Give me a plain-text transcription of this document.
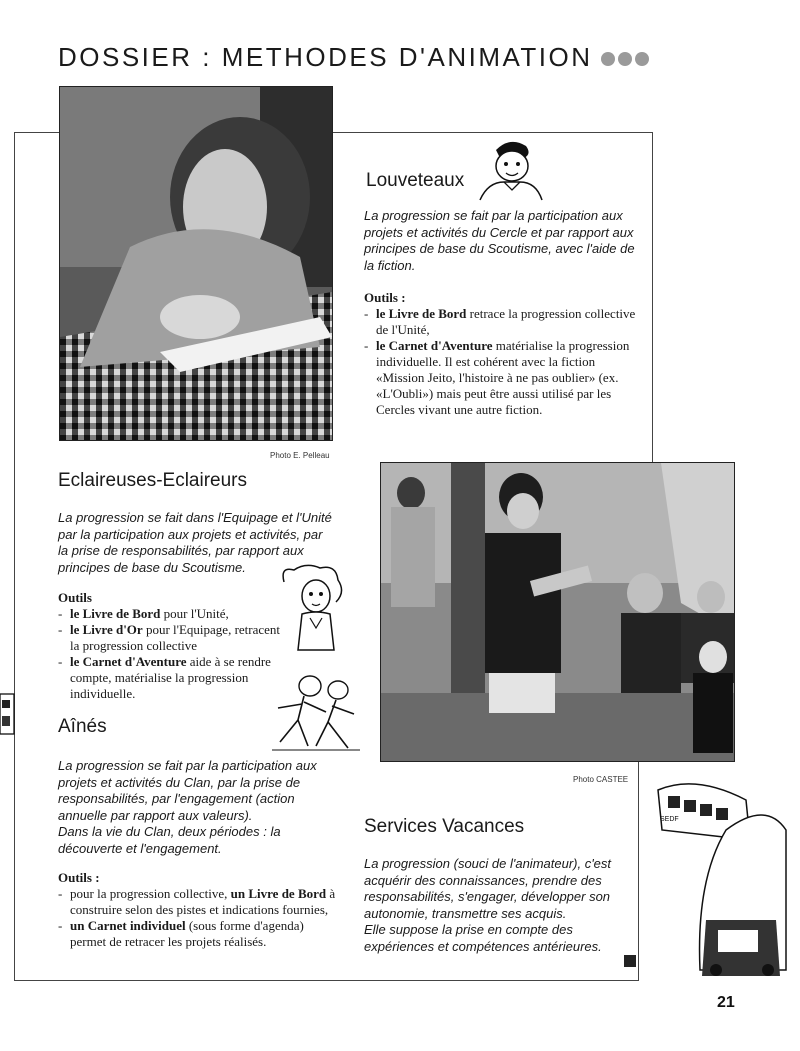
DOSSIER : METHODES D'ANIMATION
Photo E. Pelleau
Louveteaux
La progression se fait par la participation aux projets et activités du Cercle et par rapport aux principes de base du Scoutisme, avec l'aide de la fiction.
Outils :
- le Livre de Bord retrace la progression collective de l'Unité,
- le Carnet d'Aventure matérialise la progression individuelle. Il est cohérent avec la fiction «Mission Jeito, l'histoire à ne pas oublier» (ex. «L'Oubli») mais peut être aussi utilisé par les Cercles vivant une autre fiction.
Eclaireuses-Eclaireurs
La progression se fait dans l'Equipage et l'Unité par la participation aux projets et activités, par la prise de responsabilités, par rapport aux principes de base du Scoutisme.
Outils
- le Livre de Bord pour l'Unité,
- le Livre d'Or pour l'Equipage, retracent la progression collective
- le Carnet d'Aventure aide à se rendre compte, matérialise la progression individuelle.
Aînés
La progression se fait par la participation aux projets et activités du Clan, par la prise de responsabilités, par l'engagement (action annuelle par rapport aux valeurs).
Dans la vie du Clan, deux périodes : la découverte et l'engagement.
Outils :
- pour la progression collective, un Livre de Bord à construire selon des pistes et indications fournies,
- un Carnet individuel (sous forme d'agenda) permet de retracer les projets réalisés.
Photo CASTEE
Services Vacances
La progression (souci de l'animateur), c'est acquérir des connaissances, prendre des responsabilités, s'engager, développer son autonomie, transmettre ses acquis.
Elle suppose la prise en compte des expériences et compétences antérieures.
SEDF
21
